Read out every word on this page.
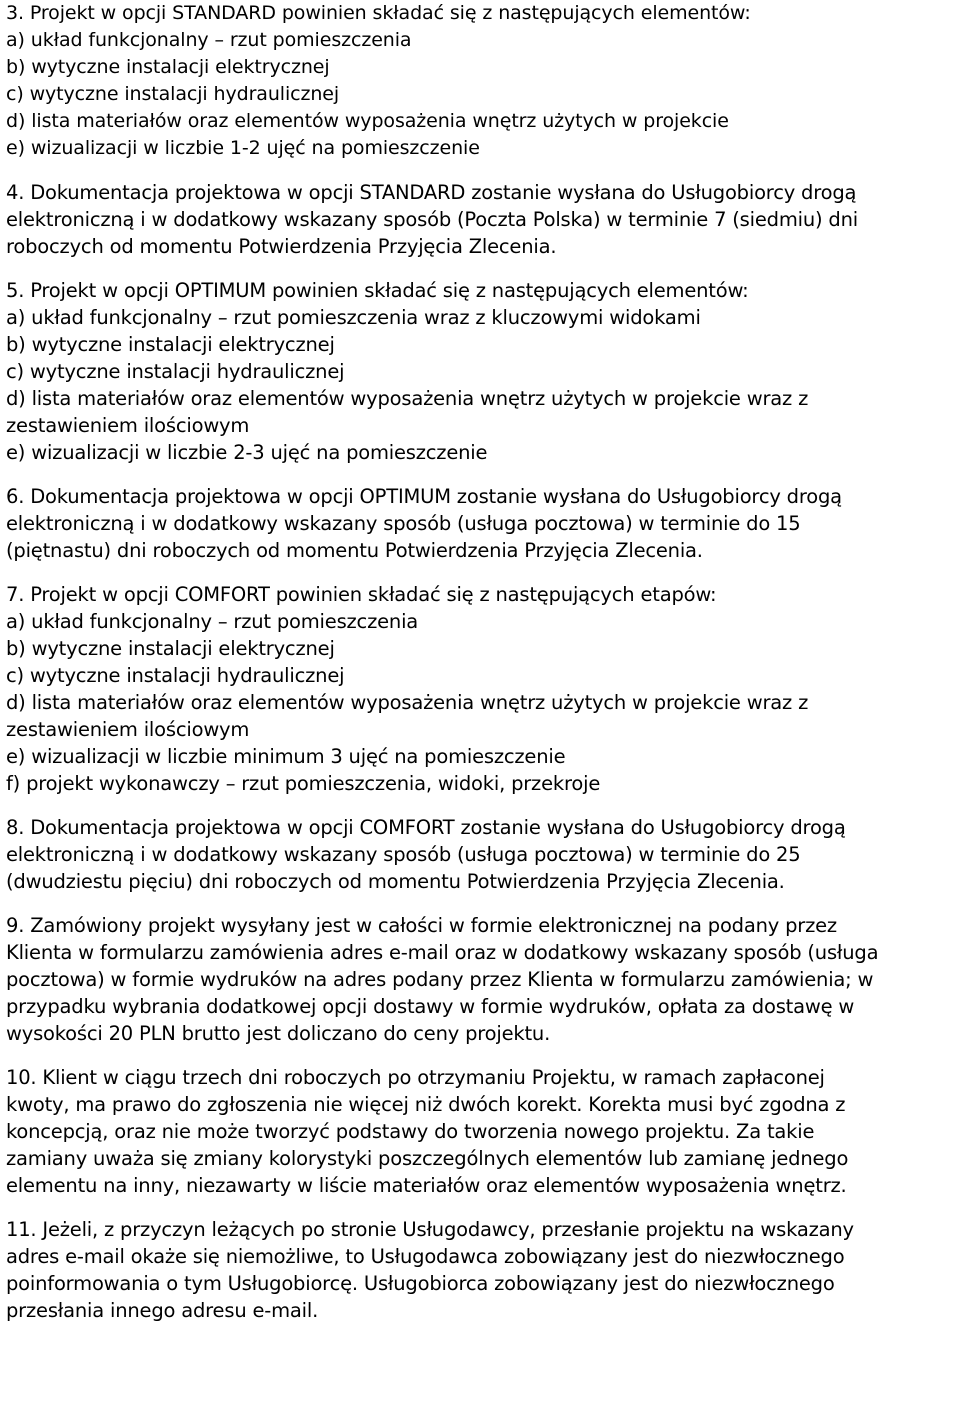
3. Projekt w opcji STANDARD powinien składać się z następujących elementów:
a) układ funkcjonalny – rzut pomieszczenia
b) wytyczne instalacji elektrycznej
c) wytyczne instalacji hydraulicznej
d) lista materiałów oraz elementów wyposażenia wnętrz użytych w projekcie
e) wizualizacji w liczbie 1-2 ujęć na pomieszczenie
4. Dokumentacja projektowa w opcji STANDARD zostanie wysłana do Usługobiorcy drogą
elektroniczną i w dodatkowy wskazany sposób (Poczta Polska) w terminie 7 (siedmiu) dni
roboczych od momentu Potwierdzenia Przyjęcia Zlecenia.
5. Projekt w opcji OPTIMUM powinien składać się z następujących elementów:
a) układ funkcjonalny – rzut pomieszczenia wraz z kluczowymi widokami
b) wytyczne instalacji elektrycznej
c) wytyczne instalacji hydraulicznej
d) lista materiałów oraz elementów wyposażenia wnętrz użytych w projekcie wraz z
zestawieniem ilościowym
e) wizualizacji w liczbie 2-3 ujęć na pomieszczenie
6. Dokumentacja projektowa w opcji OPTIMUM zostanie wysłana do Usługobiorcy drogą
elektroniczną i w dodatkowy wskazany sposób (usługa pocztowa) w terminie do 15
(piętnastu) dni roboczych od momentu Potwierdzenia Przyjęcia Zlecenia.
7. Projekt w opcji COMFORT powinien składać się z następujących etapów:
a) układ funkcjonalny – rzut pomieszczenia
b) wytyczne instalacji elektrycznej
c) wytyczne instalacji hydraulicznej
d) lista materiałów oraz elementów wyposażenia wnętrz użytych w projekcie wraz z
zestawieniem ilościowym
e) wizualizacji w liczbie minimum 3 ujęć na pomieszczenie
f) projekt wykonawczy – rzut pomieszczenia, widoki, przekroje
8. Dokumentacja projektowa w opcji COMFORT zostanie wysłana do Usługobiorcy drogą
elektroniczną i w dodatkowy wskazany sposób (usługa pocztowa) w terminie do 25
(dwudziestu pięciu) dni roboczych od momentu Potwierdzenia Przyjęcia Zlecenia.
9. Zamówiony projekt wysyłany jest w całości w formie elektronicznej na podany przez
Klienta w formularzu zamówienia adres e-mail oraz w dodatkowy wskazany sposób (usługa
pocztowa) w formie wydruków na adres podany przez Klienta w formularzu zamówienia; w
przypadku wybrania dodatkowej opcji dostawy w formie wydruków, opłata za dostawę w
wysokości 20 PLN brutto jest doliczano do ceny projektu.
10. Klient w ciągu trzech dni roboczych po otrzymaniu Projektu, w ramach zapłaconej
kwoty, ma prawo do zgłoszenia nie więcej niż dwóch korekt. Korekta musi być zgodna z
koncepcją, oraz nie może tworzyć podstawy do tworzenia nowego projektu. Za takie
zamiany uważa się zmiany kolorystyki poszczególnych elementów lub zamianę jednego
elementu na inny, niezawarty w liście materiałów oraz elementów wyposażenia wnętrz.
11. Jeżeli, z przyczyn leżących po stronie Usługodawcy, przesłanie projektu na wskazany
adres e-mail okaże się niemożliwe, to Usługodawca zobowiązany jest do niezwłocznego
poinformowania o tym Usługobiorcę. Usługobiorca zobowiązany jest do niezwłocznego
przesłania innego adresu e-mail.
